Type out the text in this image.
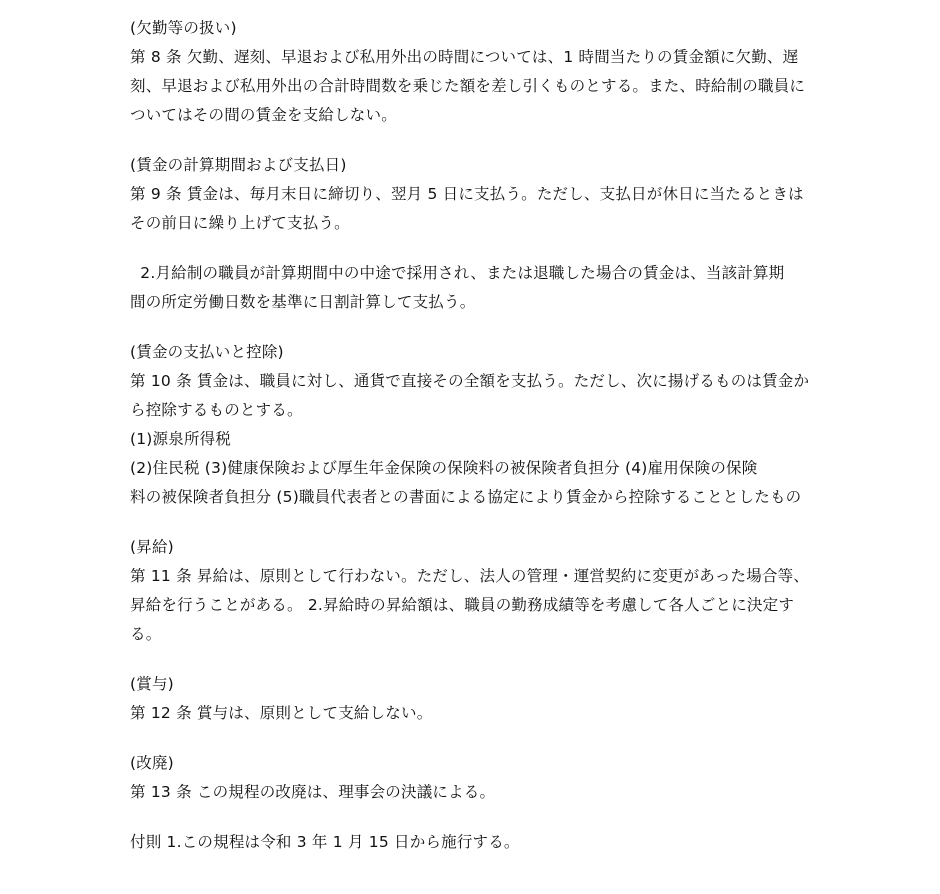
(欠勤等の扱い)
第 8 条 欠勤、遅刻、早退および私用外出の時間については、1 時間当たりの賃金額に欠勤、遅
刻、早退および私用外出の合計時間数を乗じた額を差し引くものとする。また、時給制の職員に
ついてはその間の賃金を支給しない。
(賃金の計算期間および支払日)
第 9 条 賃金は、毎月末日に締切り、翌月 5 日に支払う。ただし、支払日が休日に当たるときは
その前日に繰り上げて支払う。
2.月給制の職員が計算期間中の中途で採用され、または退職した場合の賃金は、当該計算期
間の所定労働日数を基準に日割計算して支払う。
(賃金の支払いと控除)
第 10 条 賃金は、職員に対し、通貨で直接その全額を支払う。ただし、次に揚げるものは賃金か
ら控除するものとする。
(1)源泉所得税
(2)住民税 (3)健康保険および厚生年金保険の保険料の被保険者負担分 (4)雇用保険の保険
料の被保険者負担分 (5)職員代表者との書面による協定により賃金から控除することとしたもの
(昇給)
第 11 条 昇給は、原則として行わない。ただし、法人の管理・運営契約に変更があった場合等、
昇給を行うことがある。 2.昇給時の昇給額は、職員の勤務成績等を考慮して各人ごとに決定す
る。
(賞与)
第 12 条 賞与は、原則として支給しない。
(改廃)
第 13 条 この規程の改廃は、理事会の決議による。
付則 1.この規程は令和 3 年 1 月 15 日から施行する。
